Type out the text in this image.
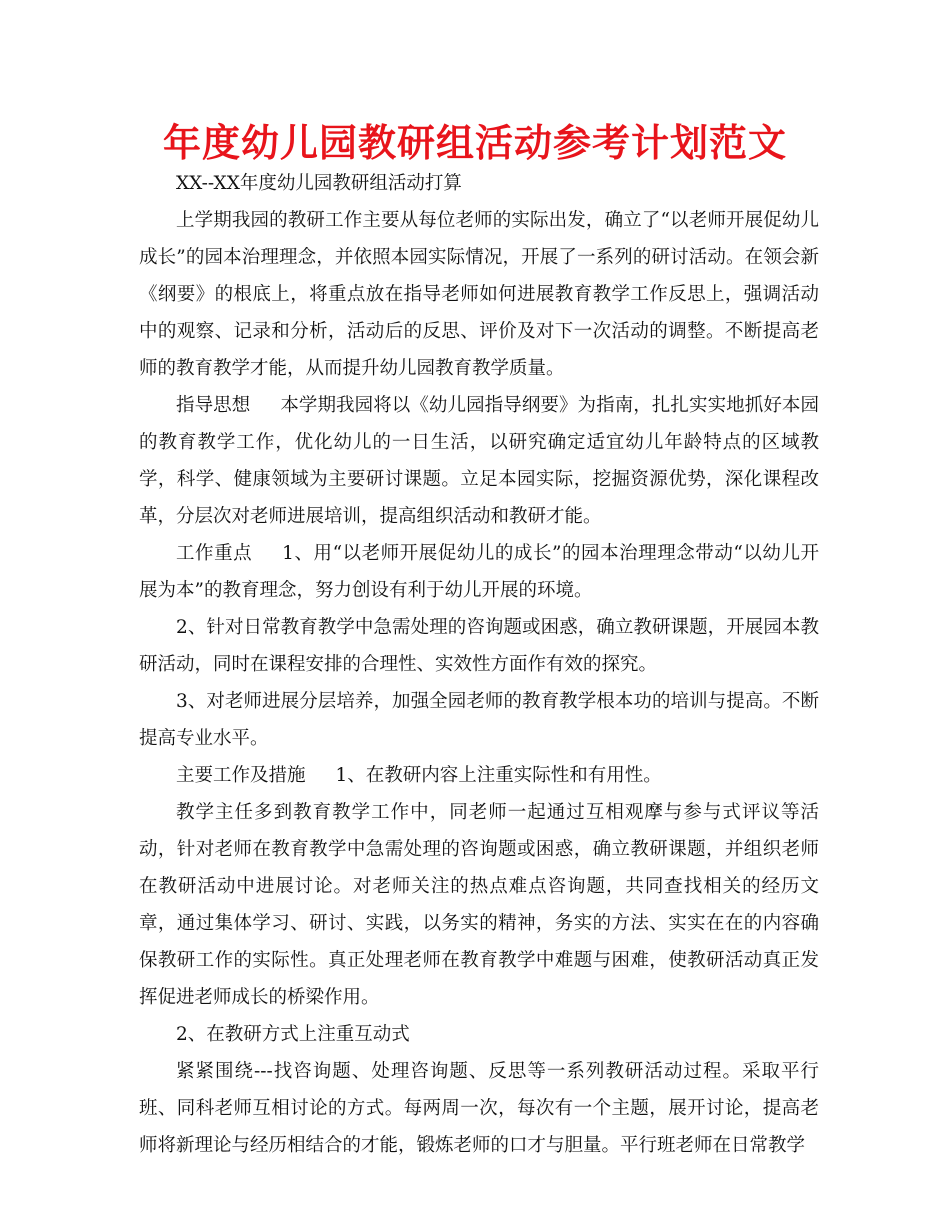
年度幼儿园教研组活动参考计划范文

XX--XX年度幼儿园教研组活动打算

上学期我园的教研工作主要从每位老师的实际出发，确立了“以老师开展促幼儿成长”的园本治理理念，并依照本园实际情况，开展了一系列的研讨活动。在领会新《纲要》的根底上，将重点放在指导老师如何进展教育教学工作反思上，强调活动中的观察、记录和分析，活动后的反思、评价及对下一次活动的调整。不断提高老师的教育教学才能，从而提升幼儿园教育教学质量。

指导思想 本学期我园将以《幼儿园指导纲要》为指南，扎扎实实地抓好本园的教育教学工作，优化幼儿的一日生活，以研究确定适宜幼儿年龄特点的区域教学，科学、健康领域为主要研讨课题。立足本园实际，挖掘资源优势，深化课程改革，分层次对老师进展培训，提高组织活动和教研才能。

工作重点 1、用“以老师开展促幼儿的成长”的园本治理理念带动“以幼儿开展为本”的教育理念，努力创设有利于幼儿开展的环境。

2、针对日常教育教学中急需处理的咨询题或困惑，确立教研课题，开展园本教研活动，同时在课程安排的合理性、实效性方面作有效的探究。

3、对老师进展分层培养，加强全园老师的教育教学根本功的培训与提高。不断提高专业水平。

主要工作及措施 1、在教研内容上注重实际性和有用性。

教学主任多到教育教学工作中，同老师一起通过互相观摩与参与式评议等活动，针对老师在教育教学中急需处理的咨询题或困惑，确立教研课题，并组织老师在教研活动中进展讨论。对老师关注的热点难点咨询题，共同查找相关的经历文章，通过集体学习、研讨、实践，以务实的精神，务实的方法、实实在在的内容确保教研工作的实际性。真正处理老师在教育教学中难题与困难，使教研活动真正发挥促进老师成长的桥梁作用。

2、在教研方式上注重互动式

紧紧围绕---找咨询题、处理咨询题、反思等一系列教研活动过程。采取平行班、同科老师互相讨论的方式。每两周一次，每次有一个主题，展开讨论，提高老师将新理论与经历相结合的才能，锻炼老师的口才与胆量。平行班老师在日常教学
